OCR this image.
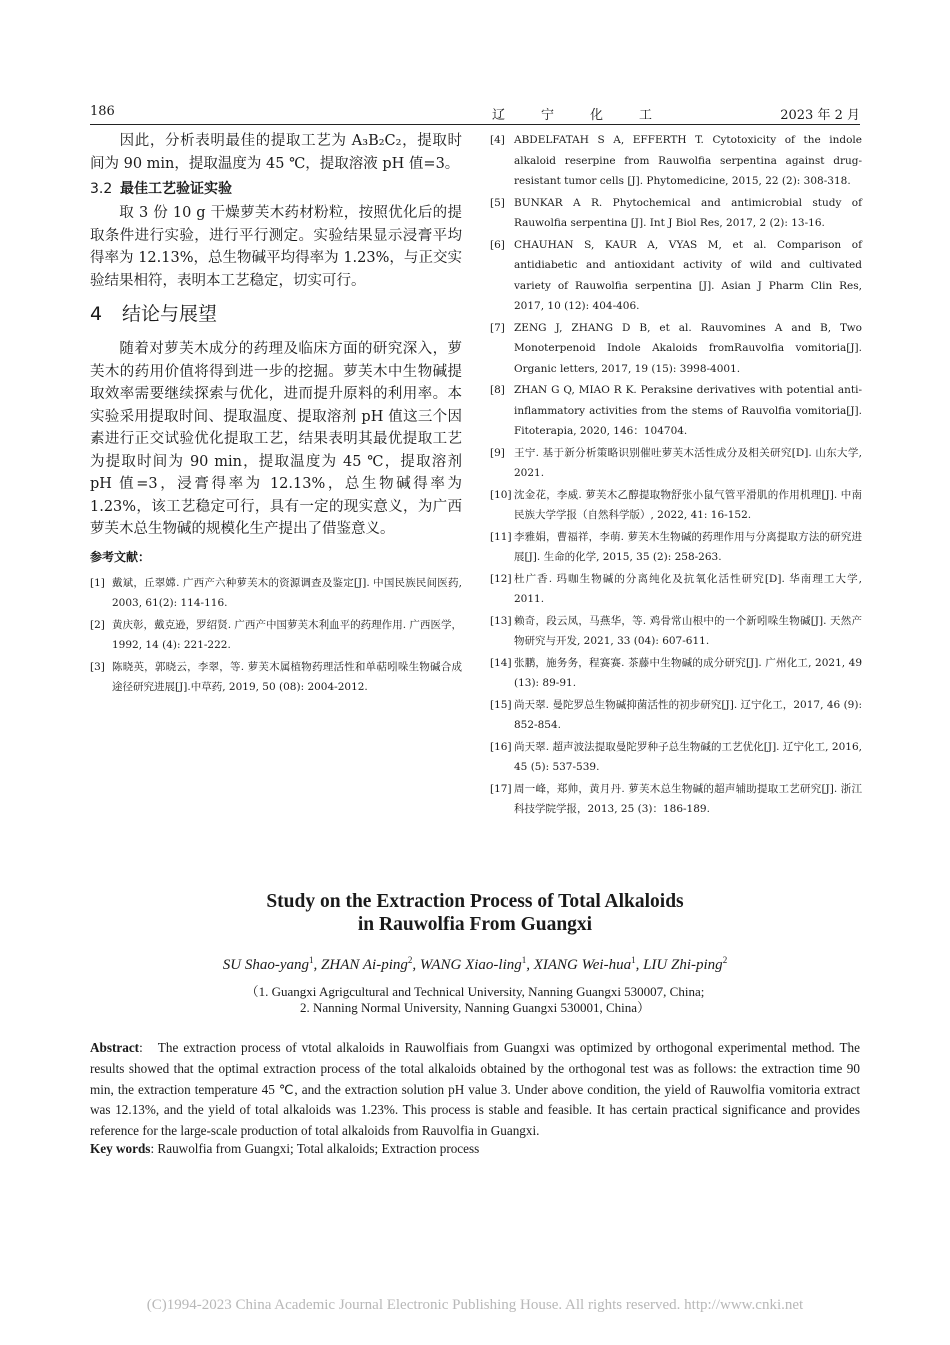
186	辽宁化工	2023 年 2 月

因此，分析表明最佳的提取工艺为 A₃B₂C₂，提取时间为 90 min，提取温度为 45 ℃，提取溶液 pH 值=3。

3.2 最佳工艺验证实验

取 3 份 10 g 干燥萝芙木药材粉粒，按照优化后的提取条件进行实验，进行平行测定。实验结果显示浸膏平均得率为 12.13%，总生物碱平均得率为 1.23%，与正交实验结果相符，表明本工艺稳定，切实可行。

4 结论与展望

随着对萝芙木成分的药理及临床方面的研究深入，萝芙木的药用价值将得到进一步的挖掘。萝芙木中生物碱提取效率需要继续探索与优化，进而提升原料的利用率。本实验采用提取时间、提取温度、提取溶剂 pH 值这三个因素进行正交试验优化提取工艺，结果表明其最优提取工艺为提取时间为 90 min，提取温度为 45 ℃，提取溶剂 pH 值=3，浸膏得率为 12.13%，总生物碱得率为 1.23%，该工艺稳定可行，具有一定的现实意义，为广西萝芙木总生物碱的规模化生产提出了借鉴意义。

参考文献：
[1] 戴斌，丘翠嫦. 广西产六种萝芙木的资源调查及鉴定[J]. 中国民族民间医药, 2003, 61(2): 114-116.
[2] 黄庆彰，戴克逊，罗绍贤. 广西产中国萝芙木利血平的药理作用. 广西医学，1992, 14 (4): 221-222.
[3] 陈晓英，郭晓云，李翠，等. 萝芙木属植物药理活性和单萜吲哚生物碱合成途径研究进展[J].中草药, 2019, 50 (08): 2004-2012.
[4] ABDELFATAH S A, EFFERTH T. Cytotoxicity of the indole alkaloid reserpine from Rauwolfia serpentina against drug-resistant tumor cells [J]. Phytomedicine, 2015, 22 (2): 308-318.
[5] BUNKAR A R. Phytochemical and antimicrobial study of Rauwolfia serpentina [J]. Int J Biol Res, 2017, 2 (2): 13-16.
[6] CHAUHAN S, KAUR A, VYAS M, et al. Comparison of antidiabetic and antioxidant activity of wild and cultivated variety of Rauwolfia serpentina [J]. Asian J Pharm Clin Res, 2017, 10 (12): 404-406.
[7] ZENG J, ZHANG D B, et al. Rauvomines A and B, Two Monoterpenoid Indole Akaloids fromRauvolfia vomitoria[J]. Organic letters, 2017, 19 (15): 3998-4001.
[8] ZHAN G Q, MIAO R K. Peraksine derivatives with potential anti-inflammatory activities from the stems of Rauvolfia vomitoria[J]. Fitoterapia, 2020, 146：104704.
[9] 王宁. 基于新分析策略识别催吐萝芙木活性成分及相关研究[D]. 山东大学, 2021.
[10] 沈金花，李威. 萝芙木乙醇提取物舒张小鼠气管平滑肌的作用机理[J]. 中南民族大学学报（自然科学版）, 2022, 41: 16-152.
[11] 李雅娟，曹福祥，李萌. 萝芙木生物碱的药理作用与分离提取方法的研究进展[J]. 生命的化学, 2015, 35 (2): 258-263.
[12] 杜广香. 玛咖生物碱的分离纯化及抗氧化活性研究[D]. 华南理工大学, 2011.
[13] 赖奇，段云凤，马燕华，等. 鸡骨常山根中的一个新吲哚生物碱[J]. 天然产物研究与开发, 2021, 33 (04): 607-611.
[14] 张鹏，施务务，程赛赛. 茶藤中生物碱的成分研究[J]. 广州化工, 2021, 49 (13): 89-91.
[15] 尚天翠. 曼陀罗总生物碱抑菌活性的初步研究[J]. 辽宁化工，2017, 46 (9): 852-854.
[16] 尚天翠. 超声波法提取曼陀罗种子总生物碱的工艺优化[J]. 辽宁化工, 2016, 45 (5): 537-539.
[17] 周一峰，郑帅，黄月丹. 萝芙木总生物碱的超声辅助提取工艺研究[J]. 浙江科技学院学报，2013, 25 (3)：186-189.
Study on the Extraction Process of Total Alkaloids
in Rauwolfia From Guangxi
SU Shao-yang$^1$, ZHAN Ai-ping$^2$, WANG Xiao-ling$^1$, XIANG Wei-hua$^1$, LIU Zhi-ping$^2$
（1. Guangxi Agrigcultural and Technical University, Nanning Guangxi 530007, China;
2. Nanning Normal University, Nanning Guangxi 530001, China）
Abstract:   The extraction process of vtotal alkaloids in Rauwolfiais from Guangxi was optimized by orthogonal experimental method. The results showed that the optimal extraction process of the total alkaloids obtained by the orthogonal test was as follows: the extraction time 90 min, the extraction temperature 45 ℃, and the extraction solution pH value 3. Under above condition, the yield of Rauwolfia vomitoria extract was 12.13%, and the yield of total alkaloids was 1.23%. This process is stable and feasible. It has certain practical significance and provides reference for the large-scale production of total alkaloids from Rauvolfia in Guangxi.
Key words: Rauwolfia from Guangxi; Total alkaloids; Extraction process
(C)1994-2023 China Academic Journal Electronic Publishing House. All rights reserved. http://www.cnki.net
